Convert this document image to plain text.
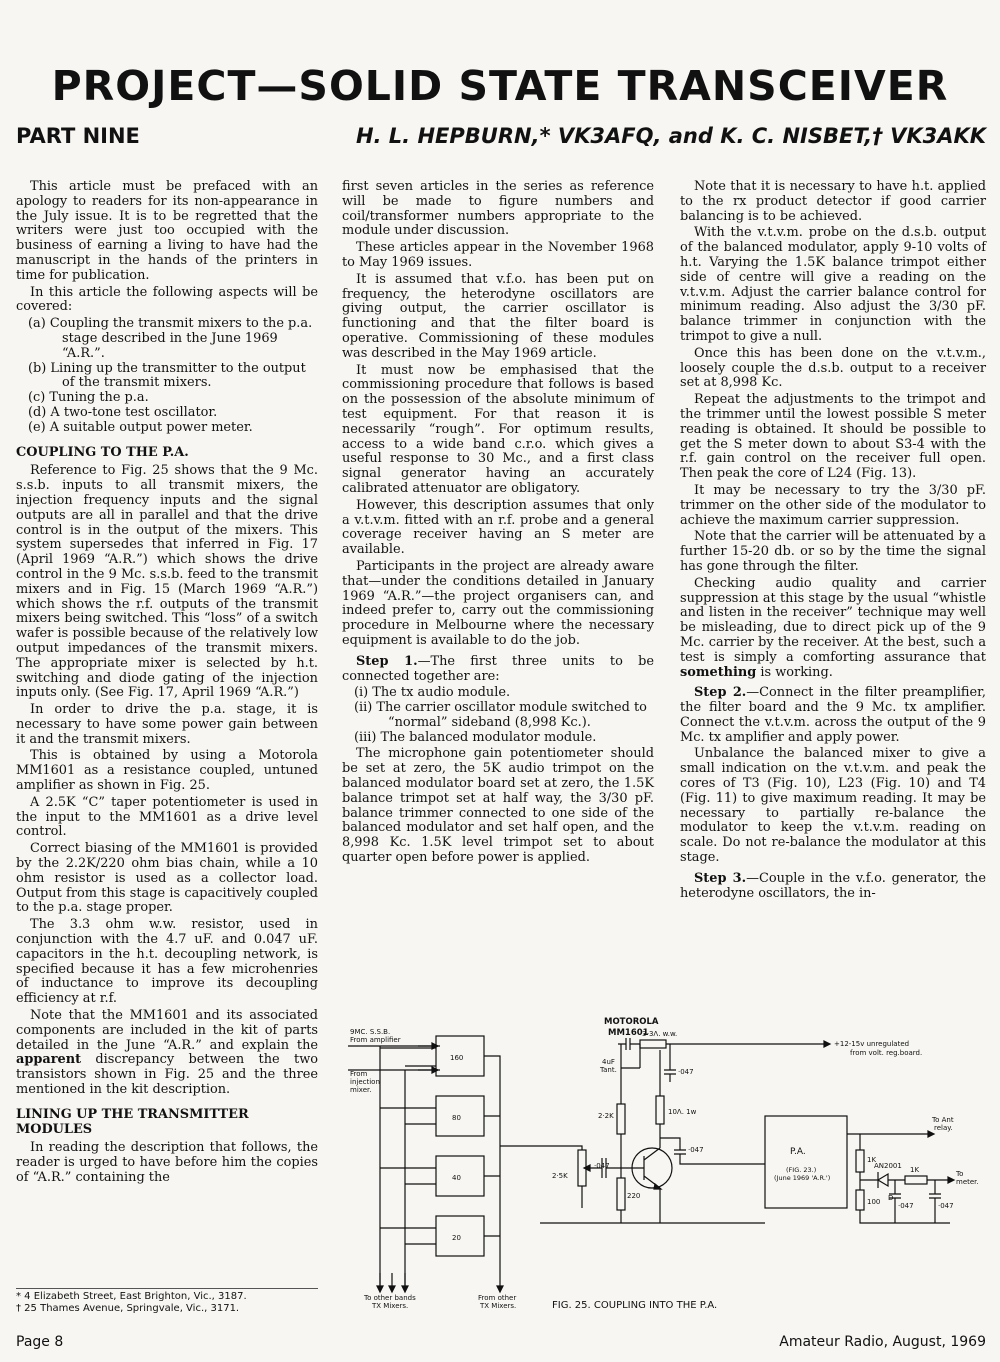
PROJECT—SOLID STATE TRANSCEIVER
PART NINE	H. L. HEPBURN,* VK3AFQ, and K. C. NISBET,† VK3AKK

This article must be prefaced with an apology to readers for its non-appearance in the July issue. It is to be regretted that the writers were just too occupied with the business of earning a living to have had the manuscript in the hands of the printers in time for publication.

In this article the following aspects will be covered:

(a) Coupling the transmit mixers to the p.a. stage described in the June 1969 “A.R.”.
(b) Lining up the transmitter to the output of the transmit mixers.
(c) Tuning the p.a.
(d) A two-tone test oscillator.
(e) A suitable output power meter.
COUPLING TO THE P.A.

Reference to Fig. 25 shows that the 9 Mc. s.s.b. inputs to all transmit mixers, the injection frequency inputs and the signal outputs are all in parallel and that the drive control is in the output of the mixers. This system supersedes that inferred in Fig. 17 (April 1969 “A.R.”) which shows the drive control in the 9 Mc. s.s.b. feed to the transmit mixers and in Fig. 15 (March 1969 “A.R.”) which shows the r.f. outputs of the transmit mixers being switched. This “loss” of a switch wafer is possible because of the relatively low output impedances of the transmit mixers. The appropriate mixer is selected by h.t. switching and diode gating of the injection inputs only. (See Fig. 17, April 1969 “A.R.”)

In order to drive the p.a. stage, it is necessary to have some power gain between it and the transmit mixers.

This is obtained by using a Motorola MM1601 as a resistance coupled, untuned amplifier as shown in Fig. 25.

A 2.5K “C” taper potentiometer is used in the input to the MM1601 as a drive level control.

Correct biasing of the MM1601 is provided by the 2.2K/220 ohm bias chain, while a 10 ohm resistor is used as a collector load. Output from this stage is capacitively coupled to the p.a. stage proper.

The 3.3 ohm w.w. resistor, used in conjunction with the 4.7 uF. and 0.047 uF. capacitors in the h.t. decoupling network, is specified because it has a few microhenries of inductance to improve its decoupling efficiency at r.f.

Note that the MM1601 and its associated components are included in the kit of parts detailed in the June “A.R.” and explain the apparent discrepancy between the two transistors shown in Fig. 25 and the three mentioned in the kit description.

LINING UP THE TRANSMITTER MODULES

In reading the description that follows, the reader is urged to have before him the copies of “A.R.” containing the

first seven articles in the series as reference will be made to figure numbers and coil/transformer numbers appropriate to the module under discussion.

These articles appear in the November 1968 to May 1969 issues.

It is assumed that v.f.o. has been put on frequency, the heterodyne oscillators are giving output, the carrier oscillator is functioning and that the filter board is operative. Commissioning of these modules was described in the May 1969 article.

It must now be emphasised that the commissioning procedure that follows is based on the possession of the absolute minimum of test equipment. For that reason it is necessarily “rough”. For optimum results, access to a wide band c.r.o. which gives a useful response to 30 Mc., and a first class signal generator having an accurately calibrated attenuator are obligatory.

However, this description assumes that only a v.t.v.m. fitted with an r.f. probe and a general coverage receiver having an S meter are available.

Participants in the project are already aware that—under the conditions detailed in January 1969 “A.R.”—the project organisers can, and indeed prefer to, carry out the commissioning procedure in Melbourne where the necessary equipment is available to do the job.

Step 1.—The first three units to be connected together are:

(i) The tx audio module.
(ii) The carrier oscillator module switched to “normal” sideband (8,998 Kc.).
(iii) The balanced modulator module.

The microphone gain potentiometer should be set at zero, the 5K audio trimpot on the balanced modulator board set at zero, the 1.5K balance trimpot set at half way, the 3/30 pF. balance trimmer connected to one side of the balanced modulator and set half open, and the 8,998 Kc. 1.5K level trimpot set to about quarter open before power is applied.

Note that it is necessary to have h.t. applied to the rx product detector if good carrier balancing is to be achieved.

With the v.t.v.m. probe on the d.s.b. output of the balanced modulator, apply 9-10 volts of h.t. Varying the 1.5K balance trimpot either side of centre will give a reading on the v.t.v.m. Adjust the carrier balance control for minimum reading. Also adjust the 3/30 pF. balance trimmer in conjunction with the trimpot to give a null.

Once this has been done on the v.t.v.m., loosely couple the d.s.b. output to a receiver set at 8,998 Kc.

Repeat the adjustments to the trimpot and the trimmer until the lowest possible S meter reading is obtained. It should be possible to get the S meter down to about S3-4 with the r.f. gain control on the receiver full open. Then peak the core of L24 (Fig. 13).

It may be necessary to try the 3/30 pF. trimmer on the other side of the modulator to achieve the maximum carrier suppression.

Note that the carrier will be attenuated by a further 15-20 db. or so by the time the signal has gone through the filter.

Checking audio quality and carrier suppression at this stage by the usual “whistle and listen in the receiver” technique may well be misleading, due to direct pick up of the 9 Mc. carrier by the receiver. At the best, such a test is simply a comforting assurance that something is working.

Step 2.—Connect in the filter preamplifier, the filter board and the 9 Mc. tx amplifier. Connect the v.t.v.m. across the output of the 9 Mc. tx amplifier and apply power.

Unbalance the balanced mixer to give a small indication on the v.t.v.m. and peak the cores of T3 (Fig. 10), L23 (Fig. 10) and T4 (Fig. 11) to give maximum reading. It may be necessary to partially re-balance the modulator to keep the v.t.v.m. reading on scale. Do not re-balance the modulator at this stage.

Step 3.—Couple in the v.f.o. generator, the heterodyne oscillators, the in-

9MC. S.S.B.
From amplifier
From
injection
mixer.
160
80
40
20
MOTOROLA
MM1601
+12-15v unregulated
from volt. reg.board.
3-3Λ. w.w.
4uF
Tant.	·047
2·2K	10Λ. 1w
·047
·047
2·5K
220
P.A.
(FIG. 23.)
(June 1969 'A.R.')
To Ant
relay.
1K
AN2001 1K	To
meter.
100	·047	·047
D
To other bands
TX Mixers.
From other
TX Mixers.	FIG. 25. COUPLING INTO THE P.A.
* 4 Elizabeth Street, East Brighton, Vic., 3187.
† 25 Thames Avenue, Springvale, Vic., 3171.
Page 8	Amateur Radio, August, 1969
